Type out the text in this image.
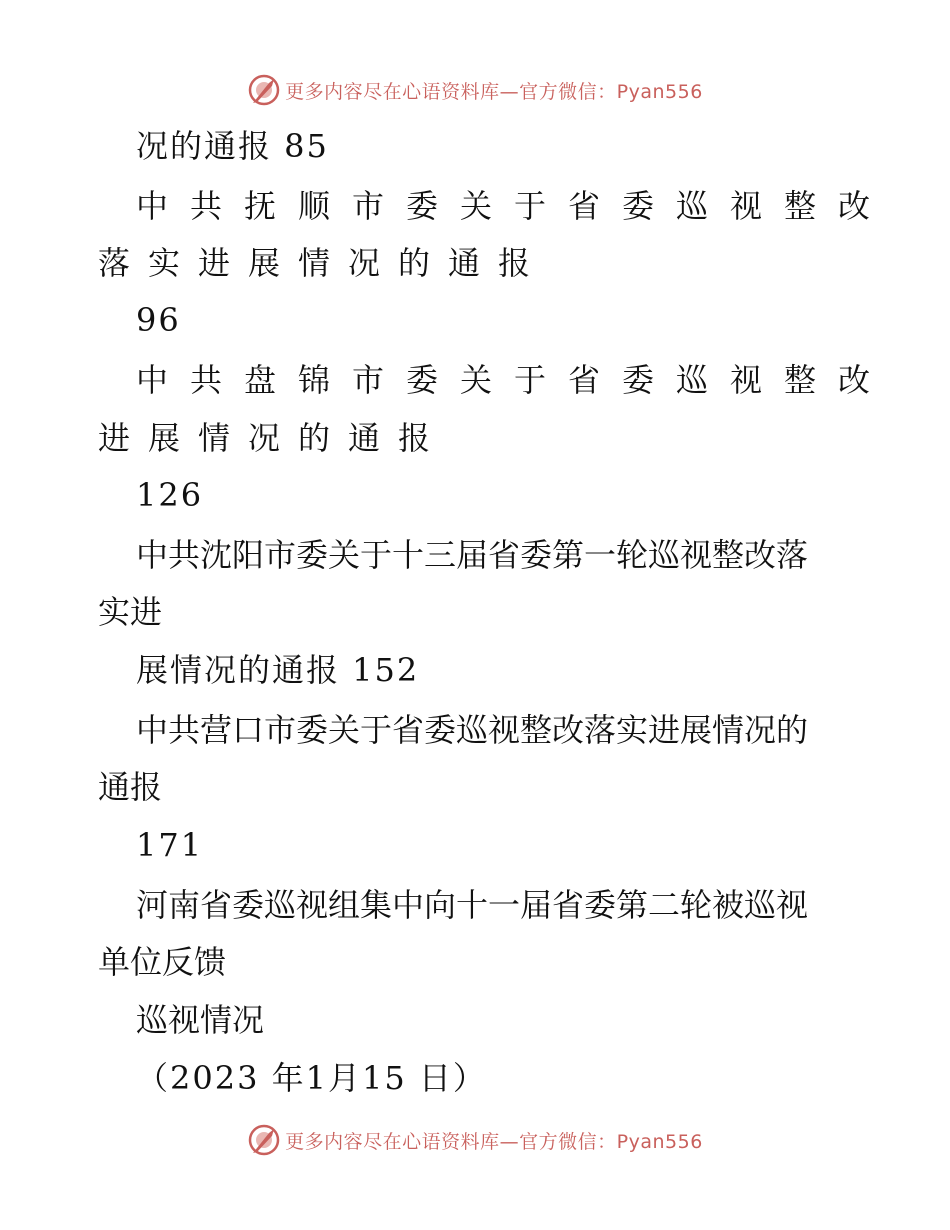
更多内容尽在心语资料库—官方微信：Pyan556
况的通报 85
中共抚顺市委关于省委巡视整改
落实进展情况的通报
96
中共盘锦市委关于省委巡视整改
进展情况的通报
126
中共沈阳市委关于十三届省委第一轮巡视整改落
实进
展情况的通报 152
中共营口市委关于省委巡视整改落实进展情况的
通报
171
河南省委巡视组集中向十一届省委第二轮被巡视
单位反馈
巡视情况
（2023 年1月15 日）
更多内容尽在心语资料库—官方微信：Pyan556
